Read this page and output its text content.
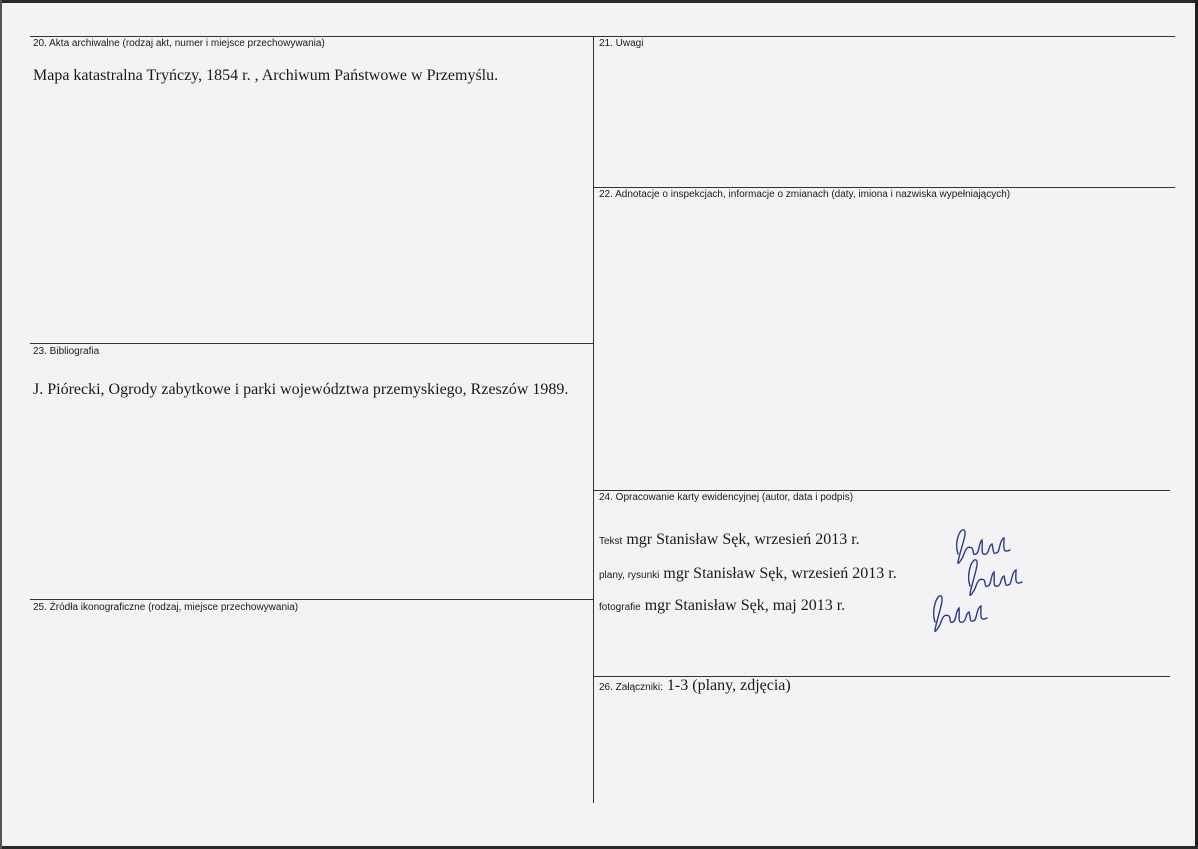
20. Akta archiwalne (rodzaj akt, numer i miejsce przechowywania)
Mapa katastralna Tryńczy, 1854 r. , Archiwum Państwowe w Przemyślu.
21. Uwagi
22. Adnotacje o inspekcjach, informacje o zmianach (daty, imiona i nazwiska wypełniających)
23. Bibliografia
J. Piórecki, Ogrody zabytkowe i parki województwa przemyskiego, Rzeszów 1989.
24. Opracowanie karty ewidencyjnej (autor, data i podpis)
Tekst mgr Stanisław Sęk, wrzesień 2013 r.
plany, rysunki mgr Stanisław Sęk, wrzesień 2013 r.
fotografie mgr Stanisław Sęk, maj 2013 r.
25. Źródła ikonograficzne (rodzaj, miejsce przechowywania)
26. Załączniki: 1-3 (plany, zdjęcia)
